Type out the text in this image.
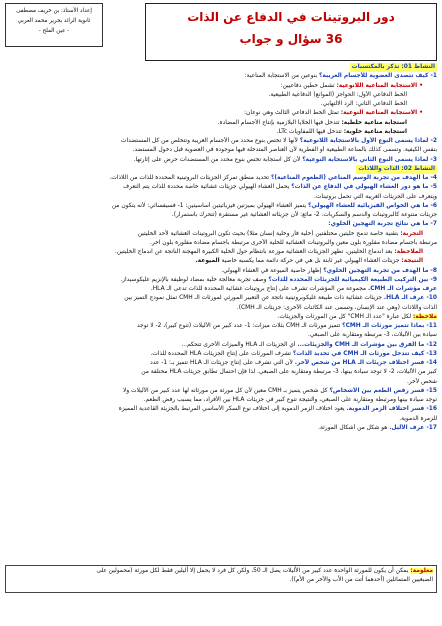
إعداد الأستاذ: بن خريف مصطفى
ثانوية الرائد بحرير محمد العربي
- عين الملح -
دور البروتينات في الدفاع عن الذات
36 سؤال و جواب
النشاط 01: تذكر بالمكتسبات
1- كيف تتصدى العضوية للأجسام الغريبة؟ بنوعين من الاستجابة المناعية:
• الاستجابة المناعية اللانوعية: تشمل خطين دفاعيين:
الخط الدفاعي الأول: الحواجز (الموانع) الدفاعية الطبيعية.
الخط الدفاعي الثاني: الرد الالتهابي.
• الاستجابة المناعية النوعية: تمثل الخط الدفاعي الثالث وهي نوعان:
استجابة مناعية خلطية: تتدخل فيها الخلايا البلازمية بإنتاج الأجسام المضادة.
استجابة مناعية خلوية: تتدخل فيها اللمفاويات LTc.
2- لماذا يسمى النوع الأول بالاستجابة اللانوعية؟ لأنها لا تختص بنوع محدد من الأجسام الغريبة وتتخلص من كل المستضدات
بنفس الكيفية. وتسمى كذلك بالمناعة الطبيعية أو الفطرية لأن العناصر المتدخلة فيها موجودة في العضوية قبل دخول المستضد.
3- لماذا يسمى النوع الثاني بالاستجابة النوعية؟ لأن كل استجابة تختص بنوع محدد من المستضدات حرض على إثارتها.
النشاط 02: الذات واللاذات
4- ما الهدف من تجربة الوسم المناعي (الطعوم المناعية)؟ تحديد منطق تمركز الجزيئات البروتينية المحددة للذات من اللاذات.
5- ما هو دور الغشاء الهيولي في الدفاع عن الذات؟ يحمل الغشاء الهيولي جزيئات غشائية خاصة محددة للذات يتم التعرف
ويتعرف على الجزيئات الغريبة التي تحمل بروتينات.
6- ما هي الخواص الفيزيائية للغشاء الهيولي؟ يتميز الغشاء الهيولي بميزتين فيزيائيتين أساسيتين: 1- فسيفسائي: لأنه يتكون من
جزيئات متنوعة كالبروتينات والدسم والسكريات. 2- مائع: لأن جزيئاته الغشائية غير مستقرة (تتحرك باستمرار).
7- ما هي نتائج تجربة التهجين الخلوي:
التجربة: بتقنية خاصة تدمج خليتين مختلفتين (خلية فأر وخلية إنسان مثلا) بحيث تكون البروتينات الغشائية لأحد الخليتين
مرتبطة بأجسام مضادة مفلورة بلون معين والبروتينات الغشائية للخلية الأخرى مرتبطة بأجسام مضادة مفلورة بلون آخر.
الملاحظة: بعد اندماج الخليتين، تظهر الجزيئات الغشائية موزعة بانتظام حول الخلية الكبيرة المهجنة الناتجة عن اندماج الخليتين.
النتيجة: جزيئات الغشاء الهيولي غير ثابتة بل هي في حركة دائمة مما يكسبه خاصية الميوعة.
8- ما الهدف من تجربة التهجين الخلوي؟ إظهار خاصية الميوعة في الغشاء الهيولي.
9- بين التركيب الطبيعة الكيميائية للجزيئات المحددة للذات؟ وصف تجربة معالجة خلية بمضاد لوظيفة بالإنزيم غليكوسيداز.
عرف مؤشرات الـ CMH. مجموعة من المؤشرات تشرف على إنتاج بروتينات غشائية المحددة للذات تدعى الـ HLA.
10- عرف الـ HLA. جزيئات غشائية ذات طبيعة غليكوبروتينية ناتجة عن التعبير المورثي لمورثات الـ CMH تمثل نمودج التميز بين
الذات واللاذات (وهي عند الإنسان، وتسمى عند الكائنات الأخرى: جزيئات الـ CMH).
ملاحظة: لكل عبارة "عدد الـ CMH" كل من المورثات والجزيئات.
11- بماذا تتميز مورثات الـ CMH؟ تتميز مورثات الـ CMH بثلاث ميزات: 1- عدد كبير من الأليلات (تنوع كبير)، 2- لا توجد
سيادة بين الأليلات، 3- مرتبطة ومتقاربة على الصبغي.
12- ما الفرق بين مؤشرات الـ CMH والجزيئات... أي الجزيئات الـ HLA والميزات الأخرى تتحكم...
13- كيف تتدخل مورثات الـ CMH في تحديد الذات؟ تشرف المورثات على إنتاج الجزيئات HLA المحددة للذات.
14- فسر اختلاف جزيئات الـ HLA من شخص لآخر. لأن التي تشرف على إنتاج جزيئات الـ HLA تتميز بـ: 1- عدد
كبير من الأليلات، 2- لا توجد سيادة بينها، 3- مرتبطة ومتقاربة على الصبغي. لذا فإن احتمال تطابق جزيئات HLA مختلفة من
شخص لآخر.
15- فسر رفض الطعم بين الأشخاص؟ كل شخص يتميز بـ CMH معين لأن كل مورثة من مورثاته لها عدد كبير من الأليلات ولا
توجد سيادة بينها ومرتبطة ومتقاربة على الصبغي، والنتيجة تنوع كبير في جزيئات HLA بين الأفراد، مما يسبب رفض الطعم.
16- فسر اختلاف الزمر الدموية. يعود اختلاف الزمر الدموية إلى اختلاف نوع السكر الأساسي المرتبط بالجزيئة القاعدية المميزة
للزمرة الدموية.
17- عرف الأليل. هو شكل من أشكال المورثة.
معلومة: يمكن أن يكون للمورثة الواحدة عدد كبير من الأليلات يصل الـ 50، ولكن كل فرد لا يحمل إلا أليلين فقط لكل مورثة (محمولين على
الصبغيين المتماثلين (أحدهما أتت من الأب والآخر من الأم)).
